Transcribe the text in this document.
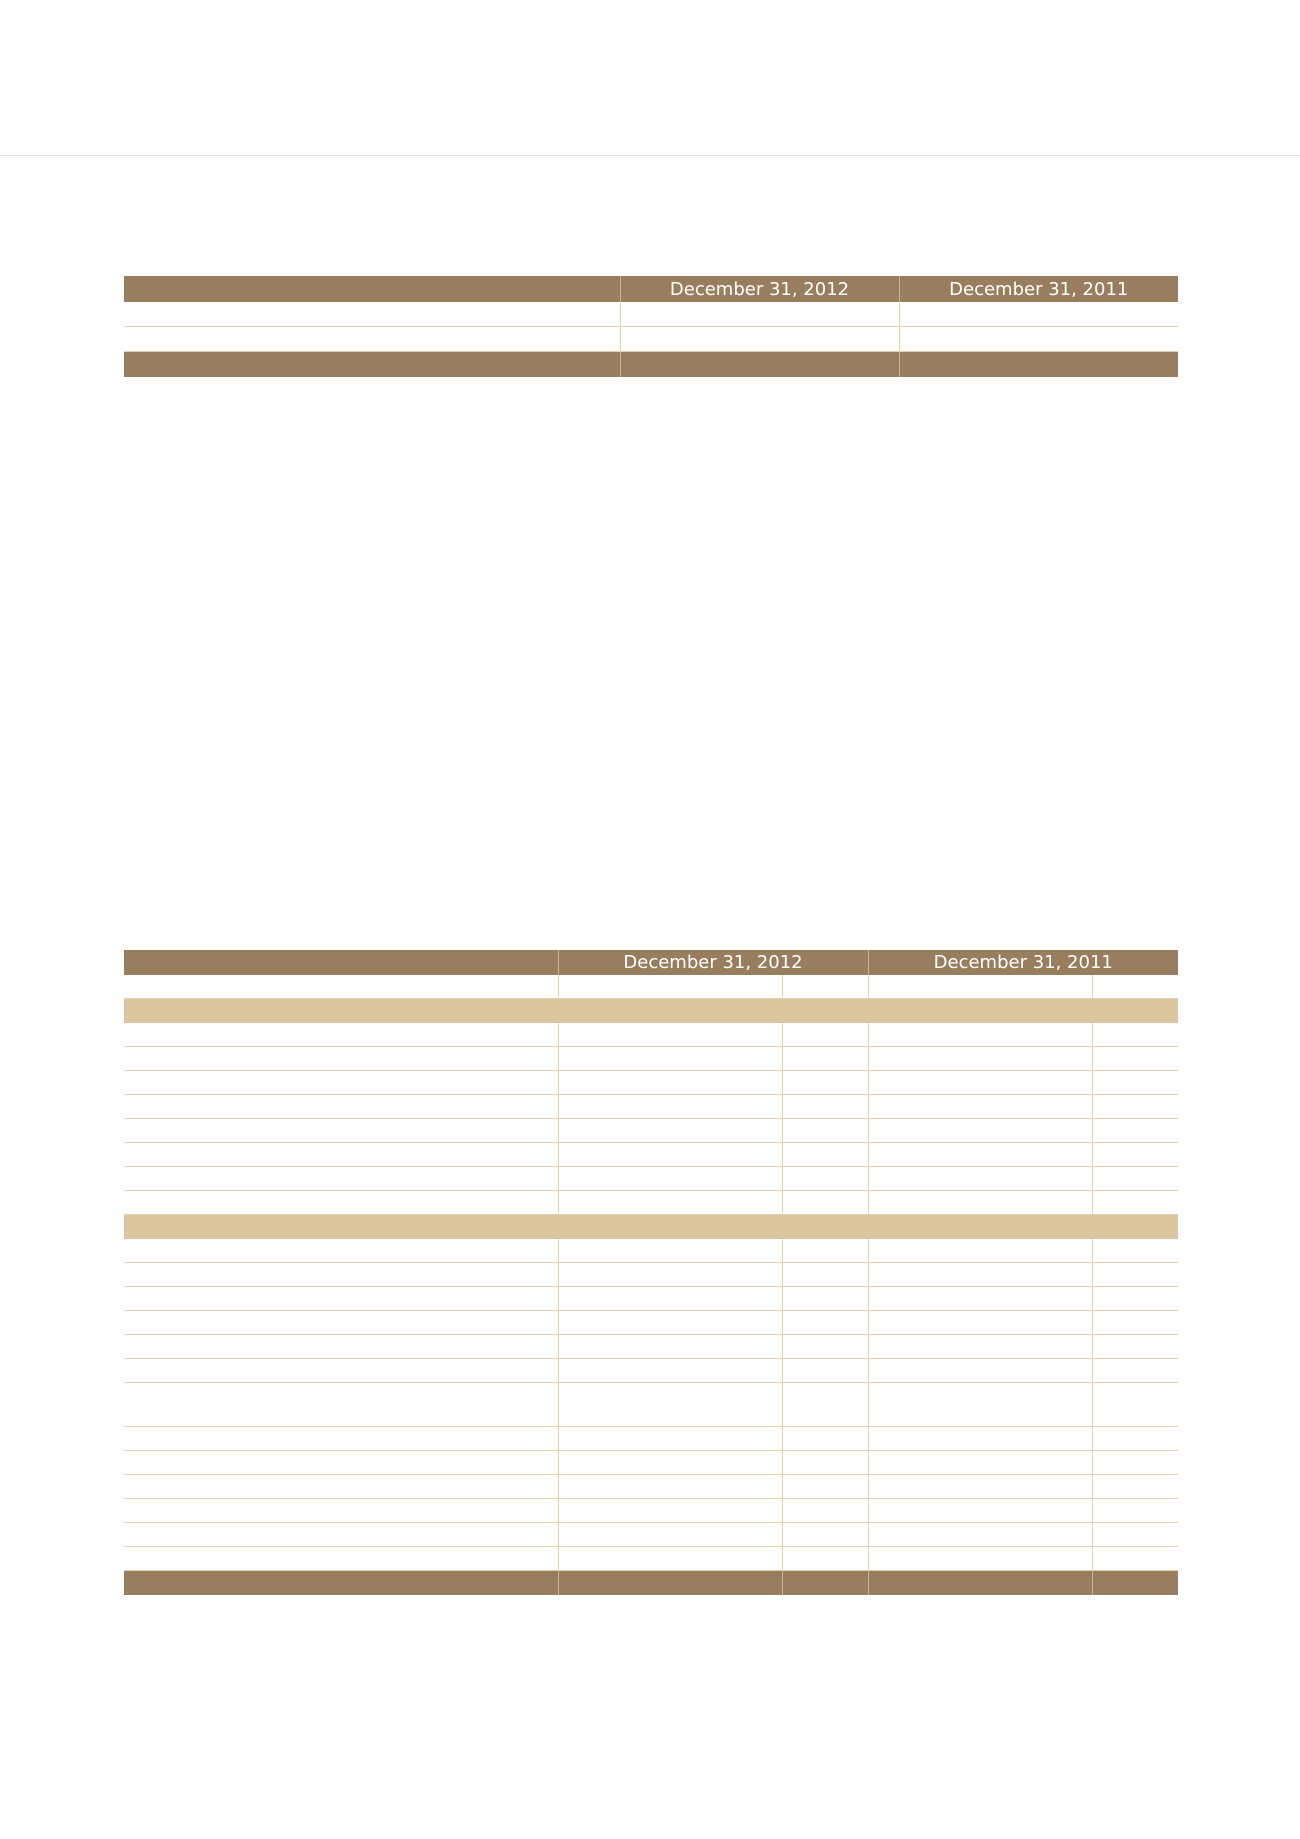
	December 31, 2012	December 31, 2011

	December 31, 2012		December 31, 2011	
